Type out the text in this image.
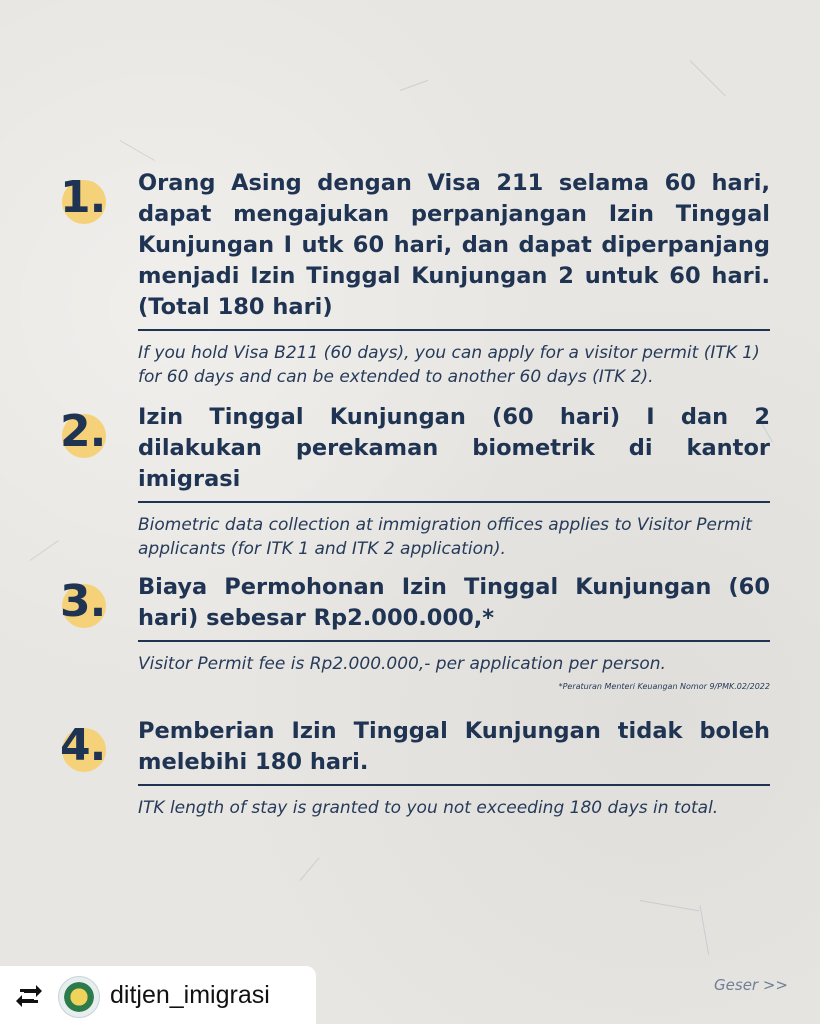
1. Orang Asing dengan Visa 211 selama 60 hari, dapat mengajukan perpanjangan Izin Tinggal Kunjungan I utk 60 hari, dan dapat diperpanjang menjadi Izin Tinggal Kunjungan 2 untuk 60 hari. (Total 180 hari)
If you hold Visa B211 (60 days), you can apply for a visitor permit (ITK 1) for 60 days and can be extended to another 60 days (ITK 2).
2. Izin Tinggal Kunjungan (60 hari) I dan 2 dilakukan perekaman biometrik di kantor imigrasi
Biometric data collection at immigration offices applies to Visitor Permit applicants (for ITK 1 and ITK 2 application).
3. Biaya Permohonan Izin Tinggal Kunjungan (60 hari) sebesar Rp2.000.000,*
Visitor Permit fee is Rp2.000.000,- per application per person.
*Peraturan Menteri Keuangan Nomor 9/PMK.02/2022
4. Pemberian Izin Tinggal Kunjungan tidak boleh melebihi 180 hari.
ITK length of stay is granted to you not exceeding 180 days in total.
Geser >>
ditjen_imigrasi
